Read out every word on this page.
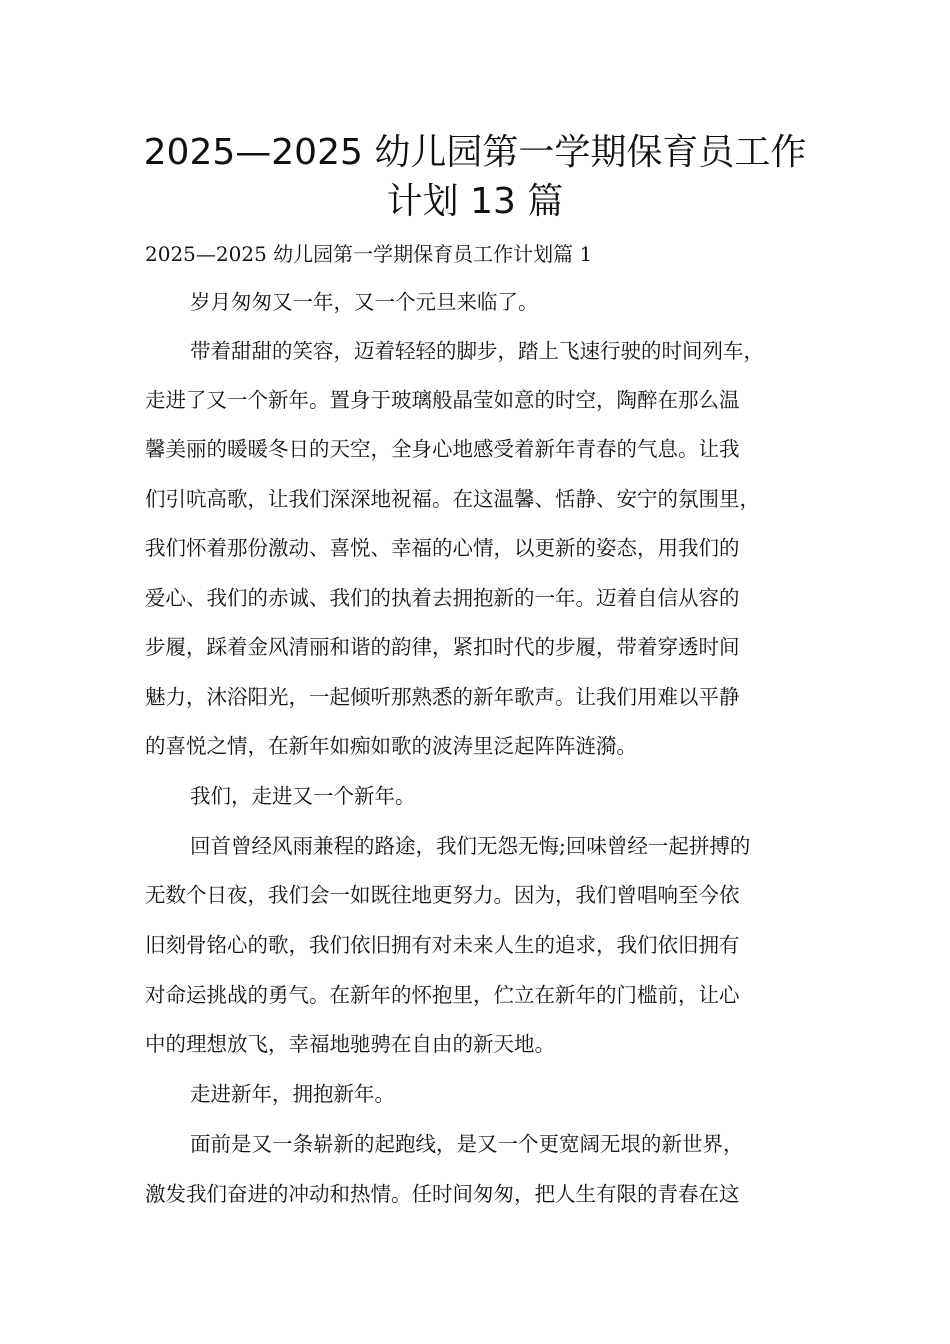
2025—2025 幼儿园第一学期保育员工作
计划 13 篇

2025—2025 幼儿园第一学期保育员工作计划篇 1

岁月匆匆又一年，又一个元旦来临了。

带着甜甜的笑容，迈着轻轻的脚步，踏上飞速行驶的时间列车，

走进了又一个新年。置身于玻璃般晶莹如意的时空，陶醉在那么温

馨美丽的暖暖冬日的天空，全身心地感受着新年青春的气息。让我

们引吭高歌，让我们深深地祝福。在这温馨、恬静、安宁的氛围里，

我们怀着那份激动、喜悦、幸福的心情，以更新的姿态，用我们的

爱心、我们的赤诚、我们的执着去拥抱新的一年。迈着自信从容的

步履，踩着金风清丽和谐的韵律，紧扣时代的步履，带着穿透时间

魅力，沐浴阳光，一起倾听那熟悉的新年歌声。让我们用难以平静

的喜悦之情，在新年如痴如歌的波涛里泛起阵阵涟漪。

我们，走进又一个新年。

回首曾经风雨兼程的路途，我们无怨无悔;回味曾经一起拼搏的

无数个日夜，我们会一如既往地更努力。因为，我们曾唱响至今依

旧刻骨铭心的歌，我们依旧拥有对未来人生的追求，我们依旧拥有

对命运挑战的勇气。在新年的怀抱里，伫立在新年的门槛前，让心

中的理想放飞，幸福地驰骋在自由的新天地。

走进新年，拥抱新年。

面前是又一条崭新的起跑线，是又一个更宽阔无垠的新世界，

激发我们奋进的冲动和热情。任时间匆匆，把人生有限的青春在这
